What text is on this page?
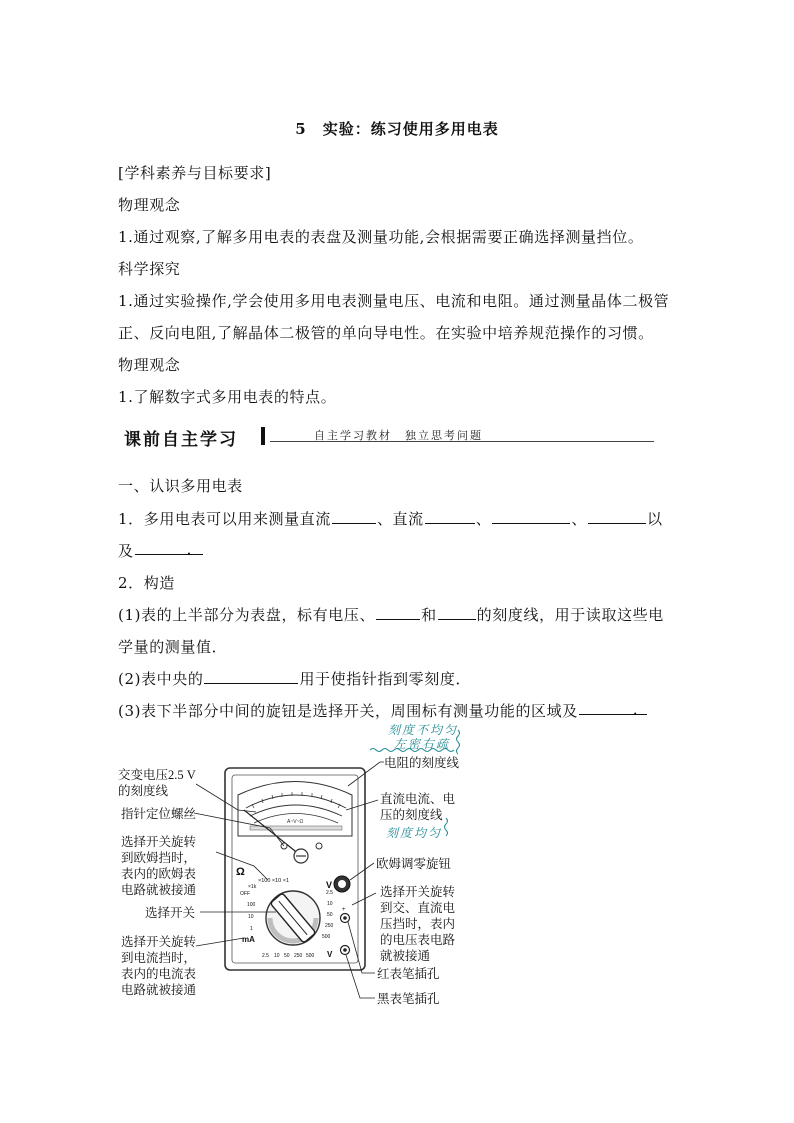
5　实验：练习使用多用电表
[学科素养与目标要求]
物理观念
1.通过观察,了解多用电表的表盘及测量功能,会根据需要正确选择测量挡位。
科学探究
1.通过实验操作,学会使用多用电表测量电压、电流和电阻。通过测量晶体二极管
正、反向电阻,了解晶体二极管的单向导电性。在实验中培养规范操作的习惯。
物理观念
1.了解数字式多用电表的特点。
课前自主学习	自主学习教材　独立思考问题
一、认识多用电表
1．多用电表可以用来测量直流	、直流	、	、	以
及	．
2．构造
(1)表的上半部分为表盘，标有电压、	和	的刻度线，用于读取这些电
学量的测量值．
(2)表中央的	用于使指针指到零刻度．
(3)表下半部分中间的旋钮是选择开关，周围标有测量功能的区域及	．
A~V~Ω
Ω
×100 ×10 ×1
×1k	V
OFF
mA
V
100
10
1
2.5
10
50
250
500
2.5 10 50 250 500
+
交变电压2.5 V
的刻度线
指针定位螺丝
选择开关旋转
到欧姆挡时，
表内的欧姆表
电路就被接通
选择开关
选择开关旋转
到电流挡时，
表内的电流表
电路就被接通
刻度不均匀
左密右疏
电阻的刻度线
直流电流、电
压的刻度线
刻度均匀
欧姆调零旋钮
选择开关旋转
到交、直流电
压挡时，表内
的电压表电路
就被接通
红表笔插孔
黑表笔插孔
